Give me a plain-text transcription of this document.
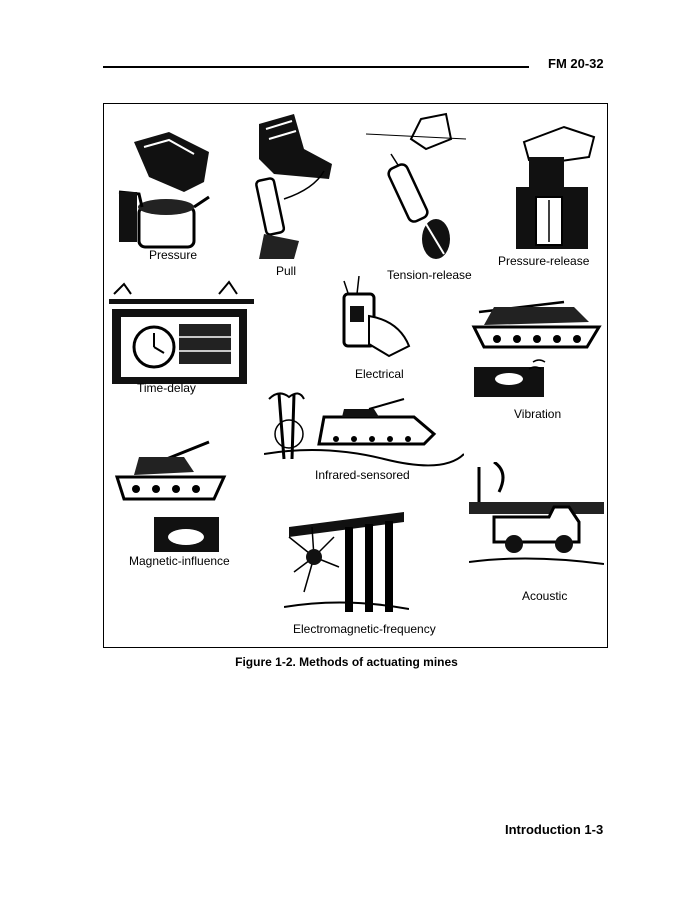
FM 20-32
Pressure
Pull	Tension-release
Pressure-release
Time-delay
Electrical
Vibration
Infrared-sensored
Magnetic-influence
Electromagnetic-frequency
Acoustic
Figure 1-2. Methods of actuating mines
Introduction 1-3
